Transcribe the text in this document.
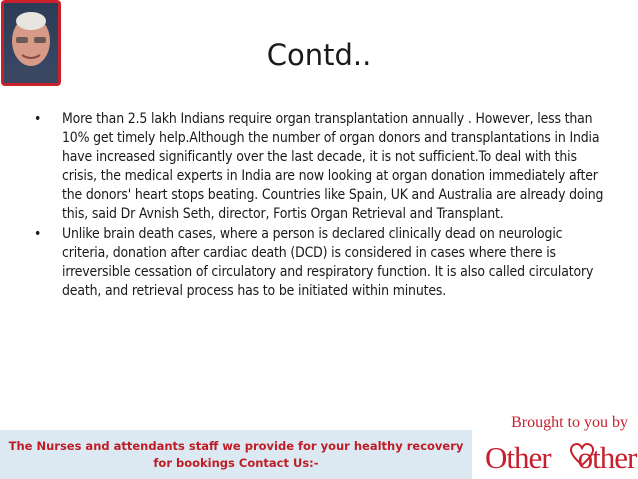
Contd..
• More than 2.5 lakh Indians require organ transplantation annually . However, less than 10% get timely help.Although the number of organ donors and transplantations in India have increased significantly over the last decade, it is not sufficient.To deal with this crisis, the medical experts in India are now looking at organ donation immediately after the donors' heart stops beating. Countries like Spain, UK and Australia are already doing this, said Dr Avnish Seth, director, Fortis Organ Retrieval and Transplant.
• Unlike brain death cases, where a person is declared clinically dead on neurologic criteria, donation after cardiac death (DCD) is considered in cases where there is irreversible cessation of circulatory and respiratory function. It is also called circulatory death, and retrieval process has to be initiated within minutes.
Brought to you by
The Nurses and attendants staff we provide for your healthy recovery
for bookings Contact Us:-	Other    other
